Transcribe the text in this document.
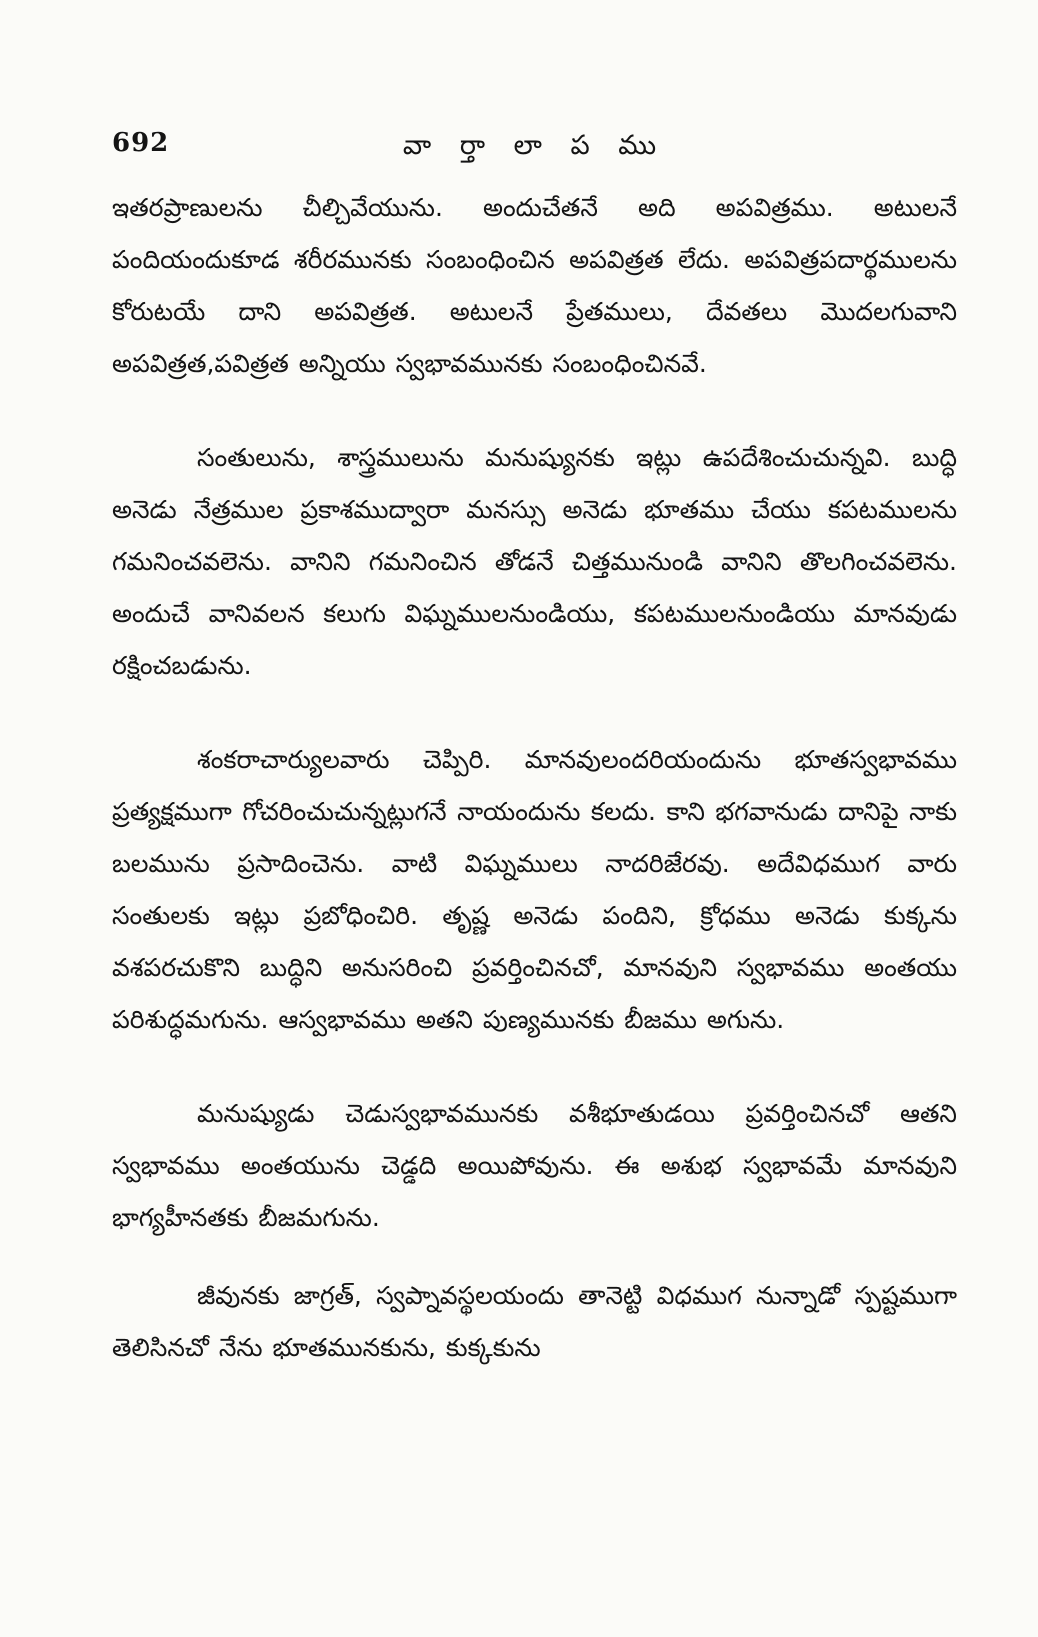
692	వా ర్తా లా ప ము

ఇతరప్రాణులను చీల్చివేయును. అందుచేతనే అది అపవిత్రము. అటులనే పందియందుకూడ శరీరమునకు సంబంధించిన అపవిత్రత లేదు. అపవిత్రపదార్థములను కోరుటయే దాని అపవిత్రత. అటులనే ప్రేతములు, దేవతలు మొదలగువాని అపవిత్రత,పవిత్రత అన్నియు స్వభావమునకు సంబంధించినవే.

సంతులును, శాస్త్రములును మనుష్యునకు ఇట్లు ఉపదేశించుచున్నవి. బుద్ధి అనెడు నేత్రముల ప్రకాశముద్వారా మనస్సు అనెడు భూతము చేయు కపటములను గమనించవలెను. వానిని గమనించిన తోడనే చిత్తమునుండి వానిని తొలగించవలెను. అందుచే వానివలన కలుగు విఘ్నములనుండియు, కపటములనుండియు మానవుడు రక్షించబడును.

శంకరాచార్యులవారు చెప్పిరి. మానవులందరియందును భూతస్వభావము ప్రత్యక్షముగా గోచరించుచున్నట్లుగనే నాయందును కలదు. కాని భగవానుడు దానిపై నాకు బలమును ప్రసాదించెను. వాటి విఘ్నములు నాదరిజేరవు. అదేవిధముగ వారు సంతులకు ఇట్లు ప్రబోధించిరి. తృష్ణ అనెడు పందిని, క్రోధము అనెడు కుక్కను వశపరచుకొని బుద్ధిని అనుసరించి ప్రవర్తించినచో, మానవుని స్వభావము అంతయు పరిశుద్ధమగును. ఆస్వభావము అతని పుణ్యమునకు బీజము అగును.

మనుష్యుడు చెడుస్వభావమునకు వశీభూతుడయి ప్రవర్తించినచో ఆతని స్వభావము అంతయును చెడ్డది అయిపోవును. ఈ అశుభ స్వభావమే మానవుని భాగ్యహీనతకు బీజమగును.

జీవునకు జాగ్రత్, స్వప్నావస్థలయందు తానెట్టి విధముగ నున్నాడో స్పష్టముగా తెలిసినచో నేను భూతమునకును, కుక్కకును
